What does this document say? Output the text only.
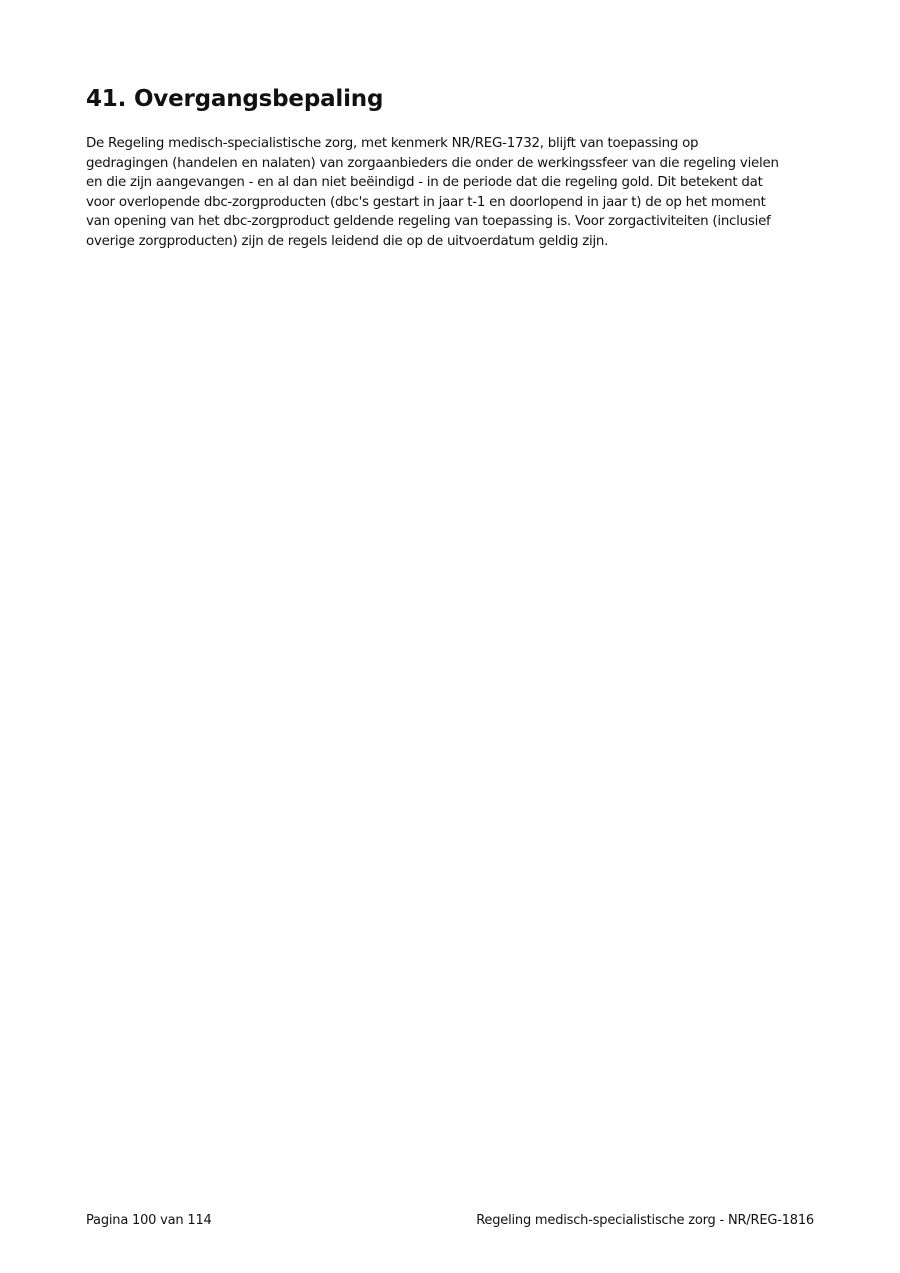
41. Overgangsbepaling

De Regeling medisch-specialistische zorg, met kenmerk NR/REG-1732, blijft van toepassing op
gedragingen (handelen en nalaten) van zorgaanbieders die onder de werkingssfeer van die regeling vielen
en die zijn aangevangen - en al dan niet beëindigd - in de periode dat die regeling gold. Dit betekent dat
voor overlopende dbc-zorgproducten (dbc's gestart in jaar t-1 en doorlopend in jaar t) de op het moment
van opening van het dbc-zorgproduct geldende regeling van toepassing is. Voor zorgactiviteiten (inclusief
overige zorgproducten) zijn de regels leidend die op de uitvoerdatum geldig zijn.

Pagina 100 van 114	Regeling medisch-specialistische zorg - NR/REG-1816
